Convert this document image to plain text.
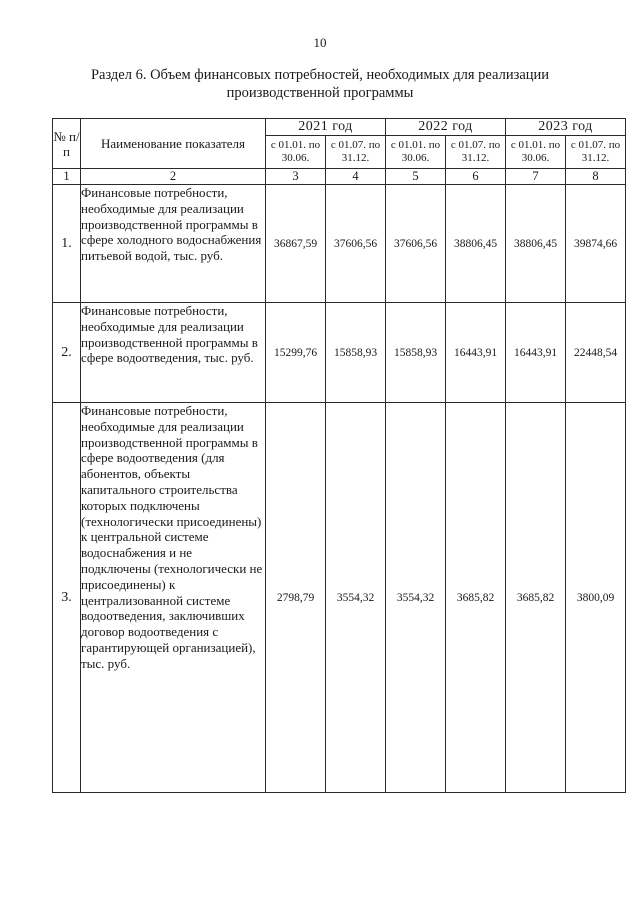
10
Раздел 6. Объем финансовых потребностей, необходимых для реализации
производственной программы
№ п/п	Наименование показателя	2021 год		2022 год		2023 год	
		с 01.01. по 30.06.	с 01.07. по 31.12.	с 01.01. по 30.06.	с 01.07. по 31.12.	с 01.01. по 30.06.	с 01.07. по 31.12.
1	2	3	4	5	6	7	8
1.	Финансовые потребности, необходимые для реализации производственной программы в сфере холодного водоснабжения питьевой водой, тыс. руб.	36867,59	37606,56	37606,56	38806,45	38806,45	39874,66
2.	Финансовые потребности, необходимые для реализации производственной программы в сфере водоотведения, тыс. руб.	15299,76	15858,93	15858,93	16443,91	16443,91	22448,54
3.	Финансовые потребности, необходимые для реализации производственной программы в сфере водоотведения (для абонентов, объекты капитального строительства которых подключены (технологически присоединены) к центральной системе водоснабжения и не подключены (технологически не присоединены) к централизованной системе водоотведения, заключивших договор водоотведения с гарантирующей организацией), тыс. руб.	2798,79	3554,32	3554,32	3685,82	3685,82	3800,09
